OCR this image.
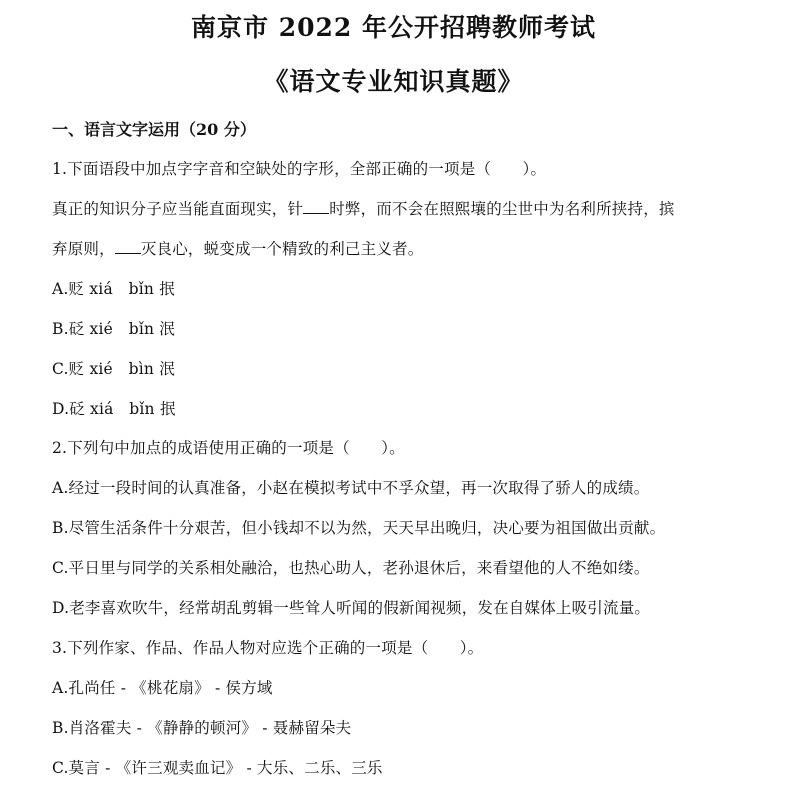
南京市 2022 年公开招聘教师考试
《语文专业知识真题》
一、语言文字运用（20 分）
1.下面语段中加点字字音和空缺处的字形，全部正确的一项是（　　）。
真正的知识分子应当能直面现实，针 时弊，而不会在照熙壤的尘世中为名利所挟持，摈
弃原则， 灭良心，蜕变成一个精致的利己主义者。
A.贬 xiá　bǐn 抿
B.砭 xié　bǐn 泯
C.贬 xié　bìn 泯
D.砭 xiá　bǐn 抿
2.下列句中加点的成语使用正确的一项是（　　）。
A.经过一段时间的认真准备，小赵在模拟考试中不孚众望，再一次取得了骄人的成绩。
B.尽管生活条件十分艰苦，但小钱却不以为然，天天早出晚归，决心要为祖国做出贡献。
C.平日里与同学的关系相处融洽，也热心助人，老孙退休后，来看望他的人不绝如缕。
D.老李喜欢吹牛，经常胡乱剪辑一些耸人听闻的假新闻视频，发在自媒体上吸引流量。
3.下列作家、作品、作品人物对应选个正确的一项是（　　）。
A.孔尚任 - 《桃花扇》 - 侯方域
B.肖洛霍夫 - 《静静的顿河》 - 聂赫留朵夫
C.莫言 - 《许三观卖血记》 - 大乐、二乐、三乐
